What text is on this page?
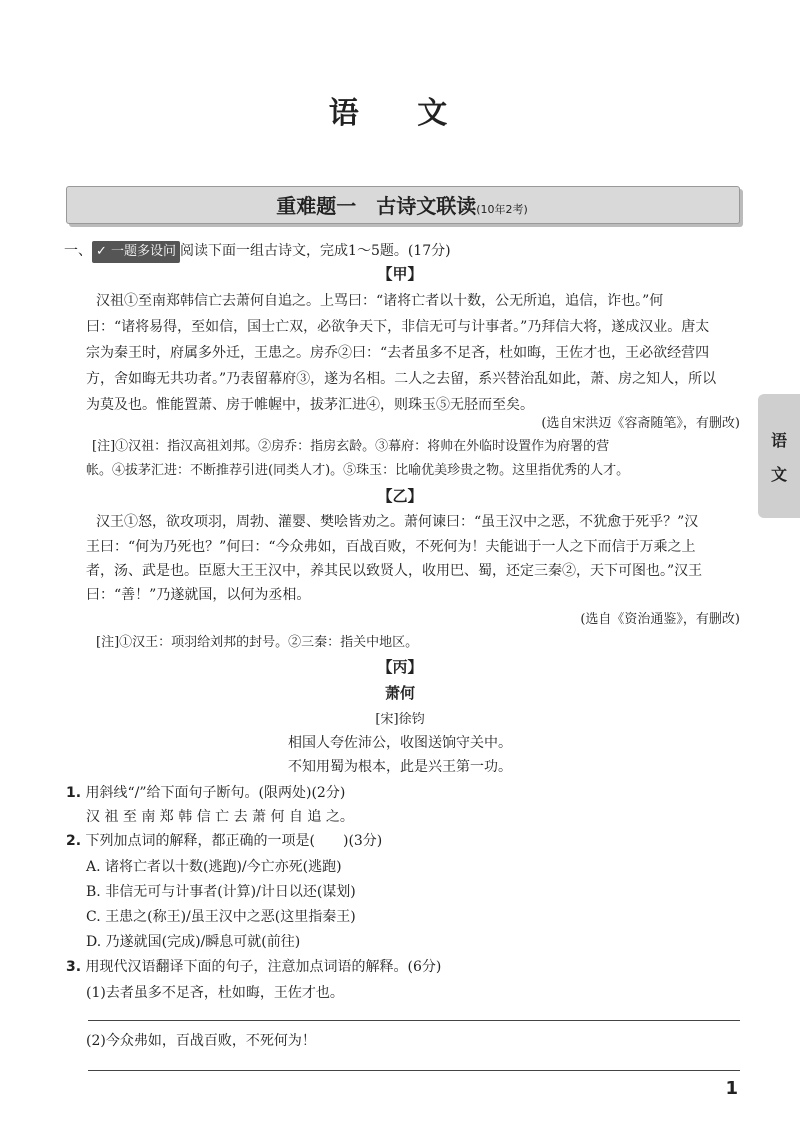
语 文
重难题一　古诗文联读(10年2考)
语
文
一、 ✓ 一题多设问 阅读下面一组古诗文，完成1～5题。(17分)
【甲】
汉祖①至南郑韩信亡去萧何自追之。上骂曰：“诸将亡者以十数，公无所追，追信，诈也。”何
曰：“诸将易得，至如信，国士亡双，必欲争天下，非信无可与计事者。”乃拜信大将，遂成汉业。唐太
宗为秦王时，府属多外迁，王患之。房乔②曰：“去者虽多不足吝，杜如晦，王佐才也，王必欲经营四
方，舍如晦无共功者。”乃表留幕府③，遂为名相。二人之去留，系兴替治乱如此，萧、房之知人，所以
为莫及也。惟能置萧、房于帷幄中，拔茅汇进④，则珠玉⑤无胫而至矣。
(选自宋洪迈《容斋随笔》，有删改)
[注]①汉祖：指汉高祖刘邦。②房乔：指房玄龄。③幕府：将帅在外临时设置作为府署的营
帐。④拔茅汇进：不断推荐引进(同类人才)。⑤珠玉：比喻优美珍贵之物。这里指优秀的人才。
【乙】
汉王①怒，欲攻项羽，周勃、灌婴、樊哙皆劝之。萧何谏曰：“虽王汉中之恶，不犹愈于死乎？”汉
王曰：“何为乃死也？”何曰：“今众弗如，百战百败，不死何为！夫能诎于一人之下而信于万乘之上
者，汤、武是也。臣愿大王王汉中，养其民以致贤人，收用巴、蜀，还定三秦②，天下可图也。”汉王
曰：“善！”乃遂就国，以何为丞相。
(选自《资治通鉴》，有删改)
[注]①汉王：项羽给刘邦的封号。②三秦：指关中地区。
【丙】
萧何
[宋]徐钧
相国人夸佐沛公，收图送饷守关中。
不知用蜀为根本，此是兴王第一功。
1. 用斜线“/”给下面句子断句。(限两处)(2分)
汉 祖 至 南 郑 韩 信 亡 去 萧 何 自 追 之。
2. 下列加点词的解释，都正确的一项是(　　)(3分)
A. 诸将亡者以十数(逃跑)/今亡亦死(逃跑)
B. 非信无可与计事者(计算)/计日以还(谋划)
C. 王患之(称王)/虽王汉中之恶(这里指秦王)
D. 乃遂就国(完成)/瞬息可就(前往)
3. 用现代汉语翻译下面的句子，注意加点词语的解释。(6分)
(1)去者虽多不足吝，杜如晦，王佐才也。
(2)今众弗如，百战百败，不死何为！
1
